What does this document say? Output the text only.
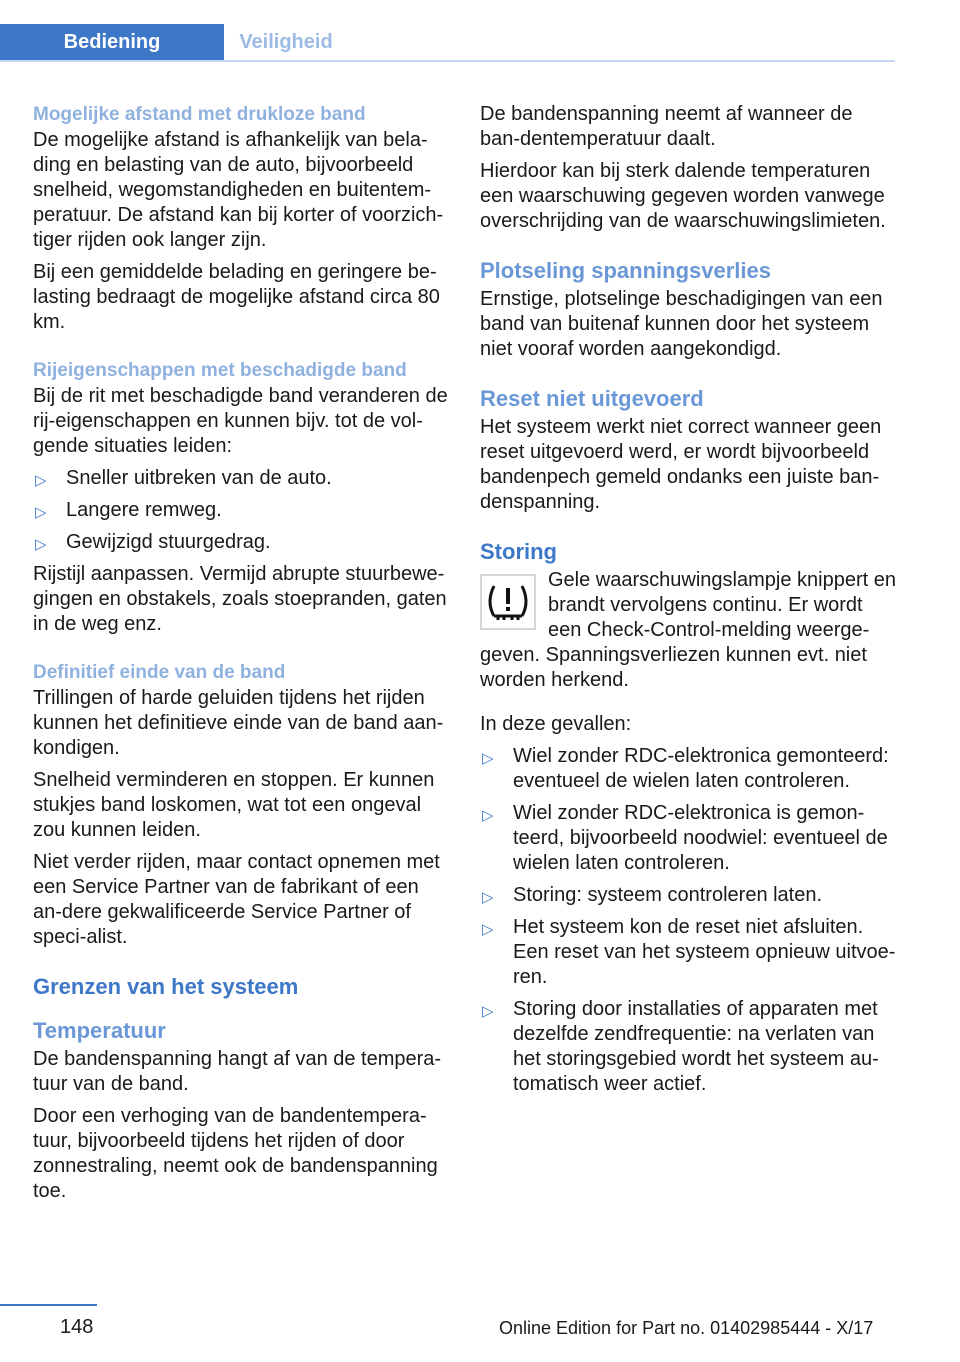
Bediening	Veiligheid
Mogelijke afstand met drukloze band

De mogelijke afstand is afhankelijk van bela-ding en belasting van de auto, bijvoorbeeld snelheid, wegomstandigheden en buitentem-peratuur. De afstand kan bij korter of voorzich-tiger rijden ook langer zijn.

Bij een gemiddelde belading en geringere be-lasting bedraagt de mogelijke afstand circa 80 km.

Rijeigenschappen met beschadigde band

Bij de rit met beschadigde band veranderen de rij-eigenschappen en kunnen bijv. tot de vol-gende situaties leiden:

▷ Sneller uitbreken van de auto.
▷ Langere remweg.
▷ Gewijzigd stuurgedrag.

Rijstijl aanpassen. Vermijd abrupte stuurbewe-gingen en obstakels, zoals stoepranden, gaten in de weg enz.

Definitief einde van de band

Trillingen of harde geluiden tijdens het rijden kunnen het definitieve einde van de band aan-kondigen.

Snelheid verminderen en stoppen. Er kunnen stukjes band loskomen, wat tot een ongeval zou kunnen leiden.

Niet verder rijden, maar contact opnemen met een Service Partner van de fabrikant of een an-dere gekwalificeerde Service Partner of speci-alist.

Grenzen van het systeem
Temperatuur

De bandenspanning hangt af van de tempera-tuur van de band.

Door een verhoging van de bandentempera-tuur, bijvoorbeeld tijdens het rijden of door zonnestraling, neemt ook de bandenspanning toe.

De bandenspanning neemt af wanneer de ban-dentemperatuur daalt.

Hierdoor kan bij sterk dalende temperaturen een waarschuwing gegeven worden vanwege overschrijding van de waarschuwingslimieten.

Plotseling spanningsverlies

Ernstige, plotselinge beschadigingen van een band van buitenaf kunnen door het systeem niet vooraf worden aangekondigd.

Reset niet uitgevoerd

Het systeem werkt niet correct wanneer geen reset uitgevoerd werd, er wordt bijvoorbeeld bandenpech gemeld ondanks een juiste ban-denspanning.

Storing

Gele waarschuwingslampje knippert en brandt vervolgens continu. Er wordt een Check-Control-melding weerge-geven. Spanningsverliezen kunnen evt. niet worden herkend.

In deze gevallen:

▷ Wiel zonder RDC-elektronica gemonteerd: eventueel de wielen laten controleren.
▷ Wiel zonder RDC-elektronica is gemon-teerd, bijvoorbeeld noodwiel: eventueel de wielen laten controleren.
▷ Storing: systeem controleren laten.
▷ Het systeem kon de reset niet afsluiten. Een reset van het systeem opnieuw uitvoe-ren.
▷ Storing door installaties of apparaten met dezelfde zendfrequentie: na verlaten van het storingsgebied wordt het systeem au-tomatisch weer actief.
148	Online Edition for Part no. 01402985444 - X/17
